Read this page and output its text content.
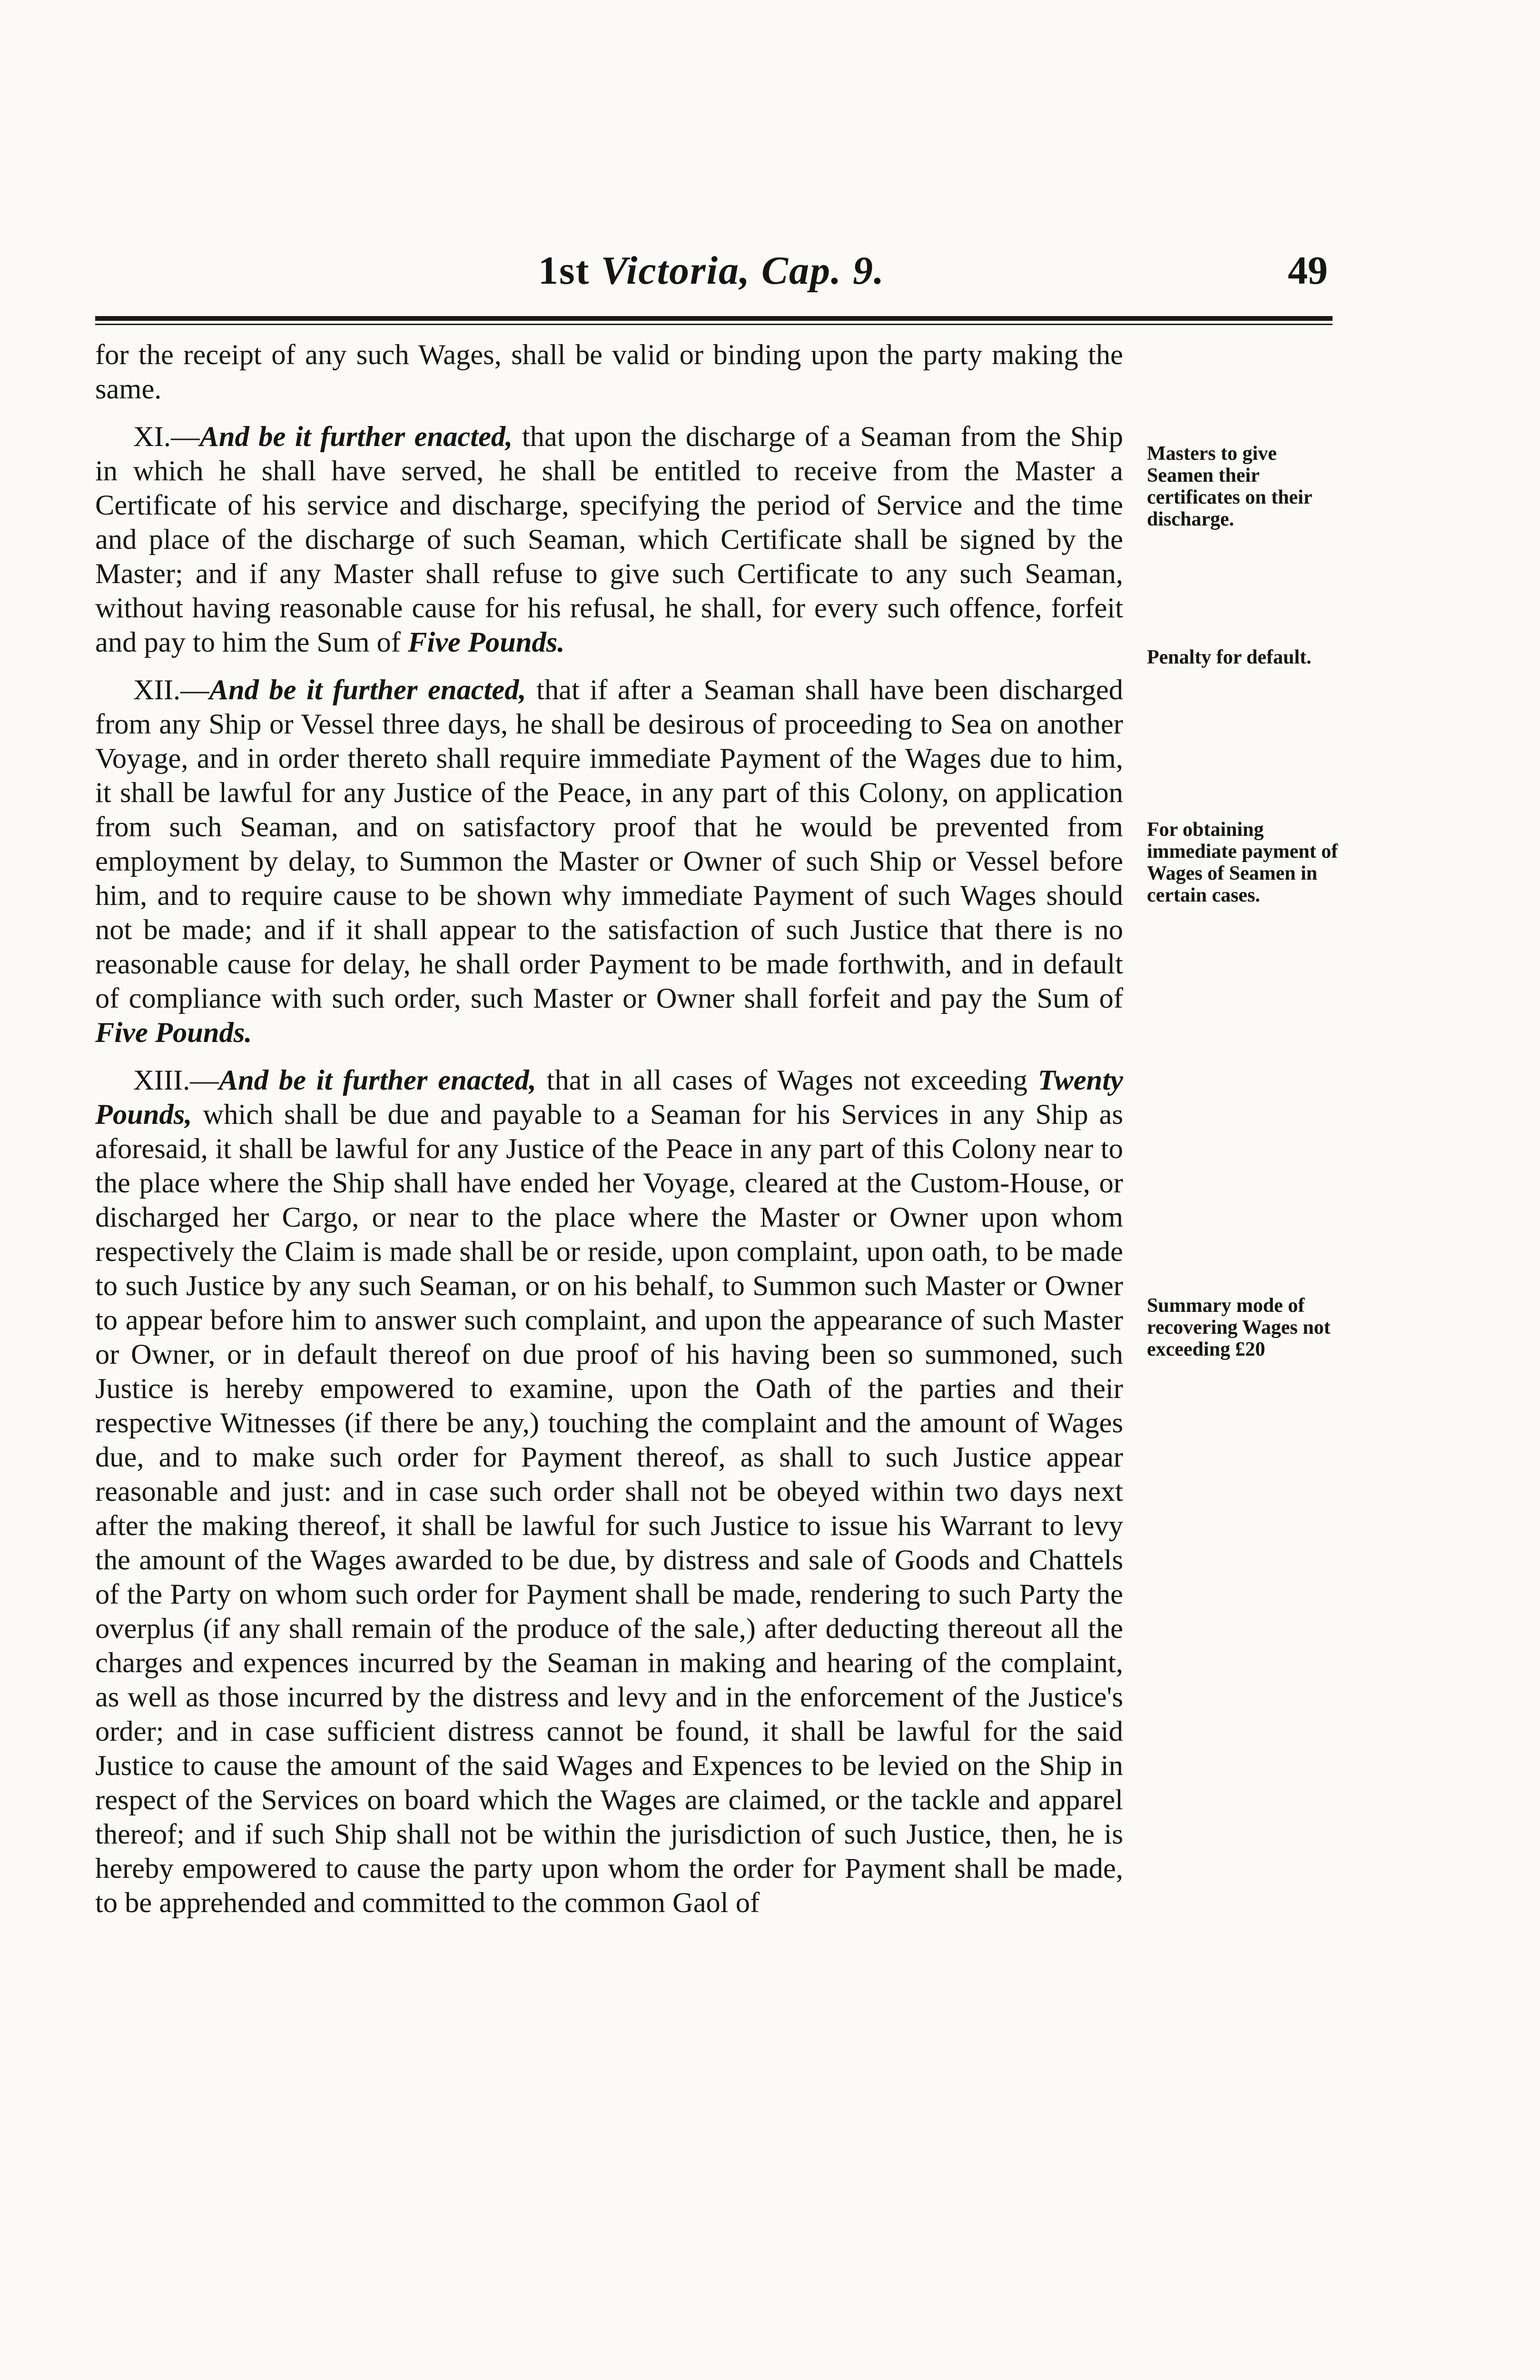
1st Victoria, Cap. 9.	49

for the receipt of any such Wages, shall be valid or binding upon the party making the same.

XI.—And be it further enacted, that upon the discharge of a Seaman from the Ship in which he shall have served, he shall be entitled to receive from the Master a Certificate of his service and discharge, specifying the period of Service and the time and place of the discharge of such Seaman, which Certificate shall be signed by the Master; and if any Master shall refuse to give such Certificate to any such Seaman, without having reasonable cause for his refusal, he shall, for every such offence, forfeit and pay to him the Sum of Five Pounds.

XII.—And be it further enacted, that if after a Seaman shall have been discharged from any Ship or Vessel three days, he shall be desirous of proceeding to Sea on another Voyage, and in order thereto shall require immediate Payment of the Wages due to him, it shall be lawful for any Justice of the Peace, in any part of this Colony, on application from such Seaman, and on satisfactory proof that he would be prevented from employment by delay, to Summon the Master or Owner of such Ship or Vessel before him, and to require cause to be shown why immediate Payment of such Wages should not be made; and if it shall appear to the satisfaction of such Justice that there is no reasonable cause for delay, he shall order Payment to be made forthwith, and in default of compliance with such order, such Master or Owner shall forfeit and pay the Sum of Five Pounds.

XIII.—And be it further enacted, that in all cases of Wages not exceeding Twenty Pounds, which shall be due and payable to a Seaman for his Services in any Ship as aforesaid, it shall be lawful for any Justice of the Peace in any part of this Colony near to the place where the Ship shall have ended her Voyage, cleared at the Custom-House, or discharged her Cargo, or near to the place where the Master or Owner upon whom respectively the Claim is made shall be or reside, upon complaint, upon oath, to be made to such Justice by any such Seaman, or on his behalf, to Summon such Master or Owner to appear before him to answer such complaint, and upon the appearance of such Master or Owner, or in default thereof on due proof of his having been so summoned, such Justice is hereby empowered to examine, upon the Oath of the parties and their respective Witnesses (if there be any,) touching the complaint and the amount of Wages due, and to make such order for Payment thereof, as shall to such Justice appear reasonable and just: and in case such order shall not be obeyed within two days next after the making thereof, it shall be lawful for such Justice to issue his Warrant to levy the amount of the Wages awarded to be due, by distress and sale of Goods and Chattels of the Party on whom such order for Payment shall be made, rendering to such Party the overplus (if any shall remain of the produce of the sale,) after deducting thereout all the charges and expences incurred by the Seaman in making and hearing of the complaint, as well as those incurred by the distress and levy and in the enforcement of the Justice's order; and in case sufficient distress cannot be found, it shall be lawful for the said Justice to cause the amount of the said Wages and Expences to be levied on the Ship in respect of the Services on board which the Wages are claimed, or the tackle and apparel thereof; and if such Ship shall not be within the jurisdiction of such Justice, then, he is hereby empowered to cause the party upon whom the order for Payment shall be made, to be apprehended and committed to the common Gaol of

Masters to give Seamen their certificates on their discharge.
Penalty for default.
For obtaining immediate payment of Wages of Seamen in certain cases.
Summary mode of recovering Wages not exceeding £20
